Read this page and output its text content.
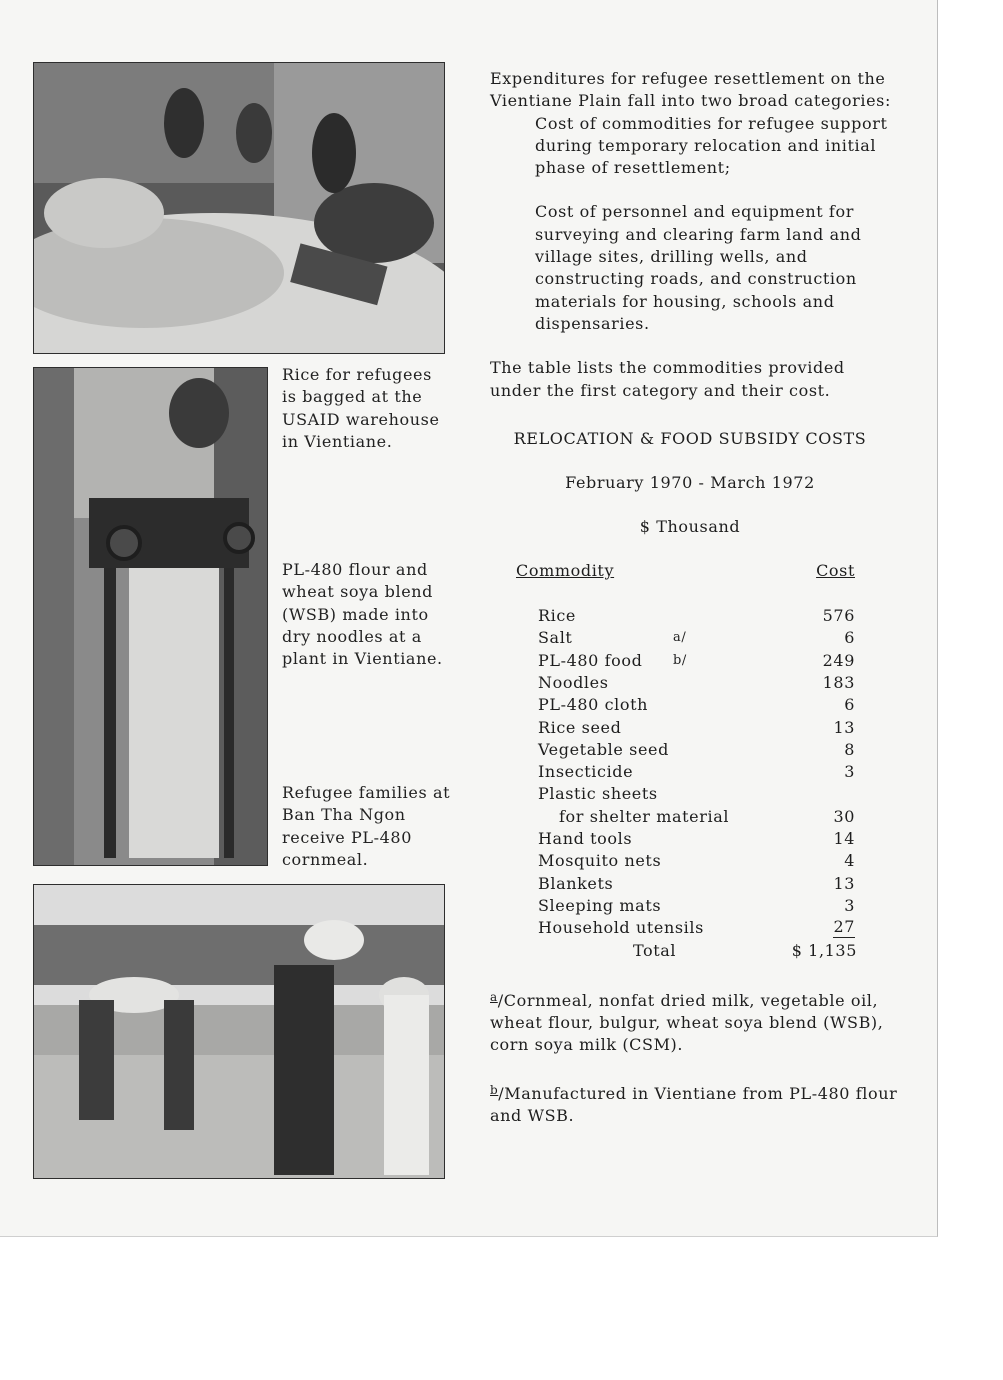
Rice for refugees is bagged at the USAID warehouse in Vientiane.
PL-480 flour and wheat soya blend (WSB) made into dry noodles at a plant in Vientiane.
Refugee families at Ban Tha Ngon receive PL-480 cornmeal.

Expenditures for refugee resettlement on the Vientiane Plain fall into two broad categories:

Cost of commodities for refugee support during temporary relocation and initial phase of resettlement;

Cost of personnel and equipment for surveying and clearing farm land and village sites, drilling wells, and constructing roads, and construction materials for housing, schools and dispensaries.

The table lists the commodities provided under the first category and their cost.

RELOCATION & FOOD SUBSIDY COSTS

February 1970 - March 1972

$ Thousand

Commodity	Cost
Rice	576
Salt	a/	6
PL-480 food b/	249
Noodles	183
PL-480 cloth	6
Rice seed	13
Vegetable seed	8
Insecticide	3
Plastic sheets
for shelter material	30
Hand tools	14
Mosquito nets	4
Blankets	13
Sleeping mats	3
Household utensils	27
Total	$ 1,135

$^a$/Cornmeal, nonfat dried milk, vegetable oil, wheat flour, bulgur, wheat soya blend (WSB), corn soya milk (CSM).

$^b$/Manufactured in Vientiane from PL-480 flour and WSB.
